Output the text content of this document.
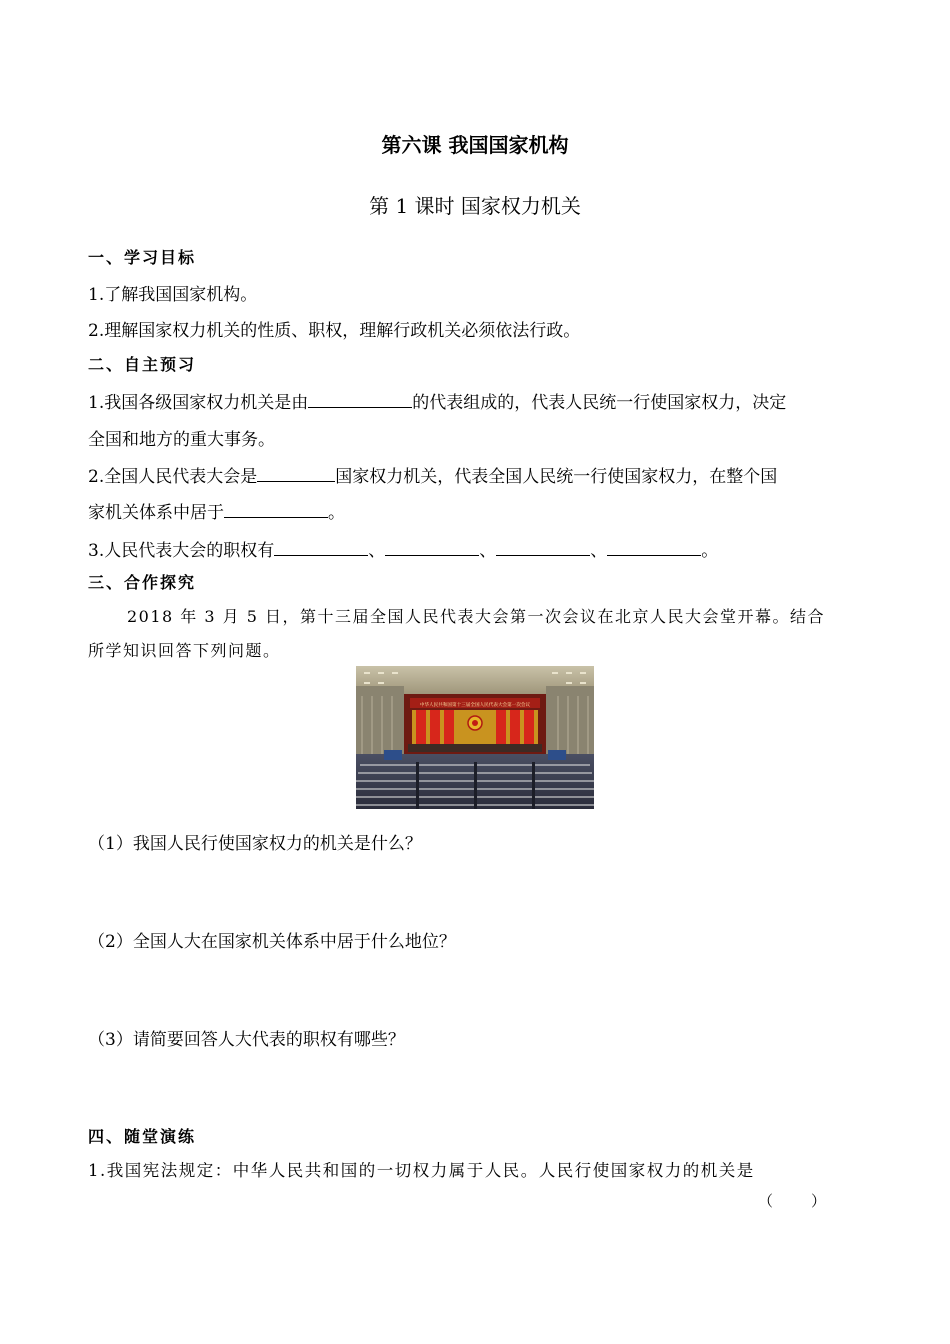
第六课 我国国家机构
第 1 课时 国家权力机关
一、学习目标
1.了解我国国家机构。
2.理解国家权力机关的性质、职权，理解行政机关必须依法行政。
二、自主预习
1.我国各级国家权力机关是由	的代表组成的，代表人民统一行使国家权力，决定
全国和地方的重大事务。
2.全国人民代表大会是	国家权力机关，代表全国人民统一行使国家权力，在整个国
家机关体系中居于	。
3.人民代表大会的职权有	、	、	、	。
三、合作探究
2018 年 3 月 5 日，第十三届全国人民代表大会第一次会议在北京人民大会堂开幕。结合
所学知识回答下列问题。
中华人民共和国第十三届全国人民代表大会第一次会议
（1）我国人民行使国家权力的机关是什么？
（2）全国人大在国家机关体系中居于什么地位？
（3）请简要回答人大代表的职权有哪些？
四、随堂演练
1.我国宪法规定：中华人民共和国的一切权力属于人民。人民行使国家权力的机关是
（）
